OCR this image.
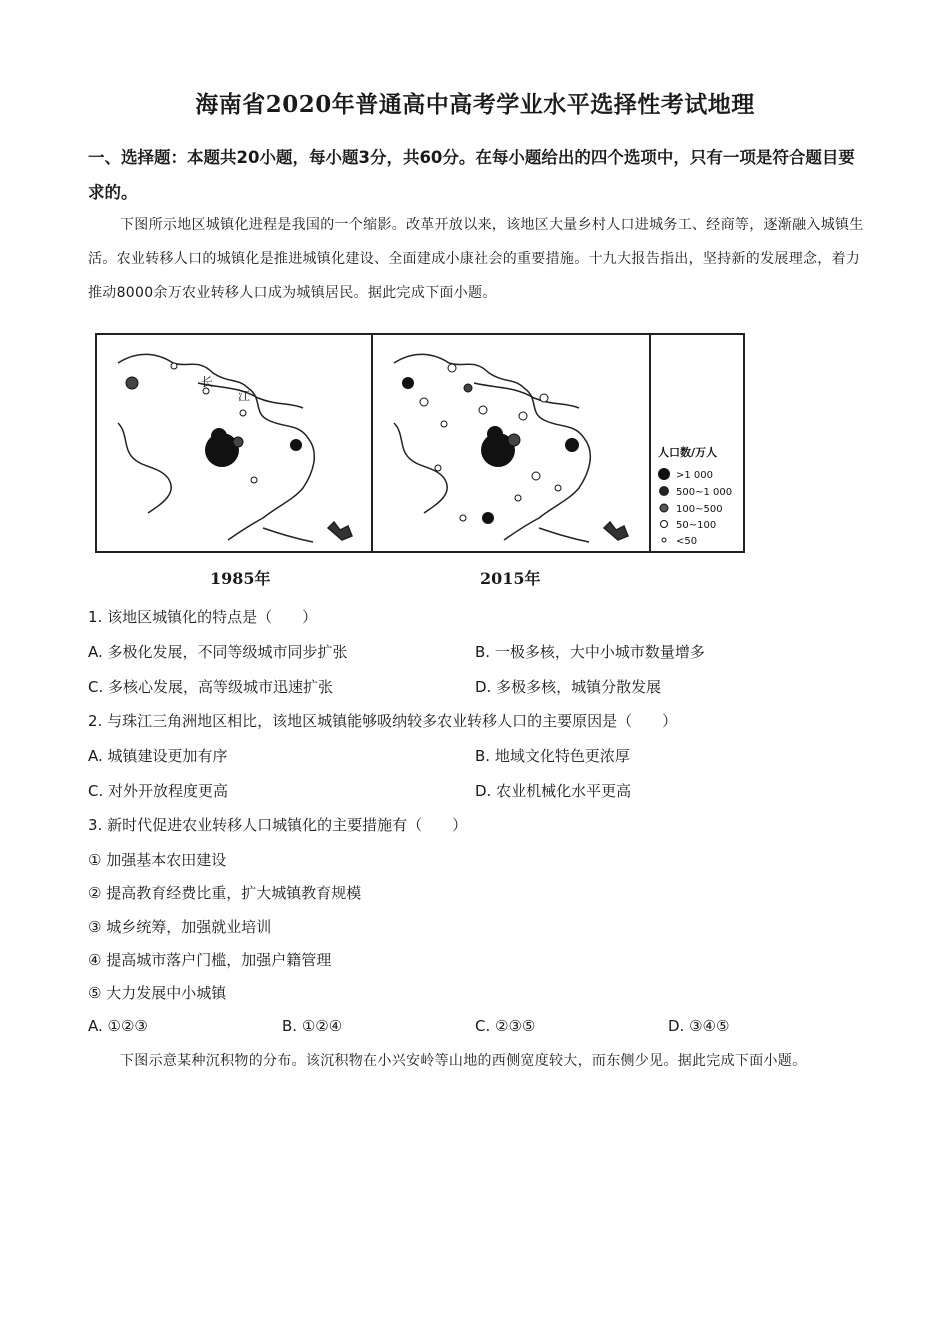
海南省2020年普通高中高考学业水平选择性考试地理
一、选择题：本题共20小题，每小题3分，共60分。在每小题给出的四个选项中，只有一项是符合题目要求的。
下图所示地区城镇化进程是我国的一个缩影。改革开放以来，该地区大量乡村人口进城务工、经商等，逐渐融入城镇生活。农业转移人口的城镇化是推进城镇化建设、全面建成小康社会的重要措施。十九大报告指出，坚持新的发展理念，着力推动8000余万农业转移人口成为城镇居民。据此完成下面小题。
长
江
人口数/万人
>1 000
500~1 000
100~500
50~100
<50
1985年	2015年
1. 该地区城镇化的特点是（　　）
A. 多极化发展，不同等级城市同步扩张	B. 一极多核，大中小城市数量增多
C. 多核心发展，高等级城市迅速扩张	D. 多极多核，城镇分散发展
2. 与珠江三角洲地区相比，该地区城镇能够吸纳较多农业转移人口的主要原因是（　　）
A. 城镇建设更加有序	B. 地域文化特色更浓厚
C. 对外开放程度更高	D. 农业机械化水平更高
3. 新时代促进农业转移人口城镇化的主要措施有（　　）
① 加强基本农田建设
② 提高教育经费比重，扩大城镇教育规模
③ 城乡统筹，加强就业培训
④ 提高城市落户门槛，加强户籍管理
⑤ 大力发展中小城镇
A. ①②③	B. ①②④	C. ②③⑤	D. ③④⑤
下图示意某种沉积物的分布。该沉积物在小兴安岭等山地的西侧宽度较大，而东侧少见。据此完成下面小题。
